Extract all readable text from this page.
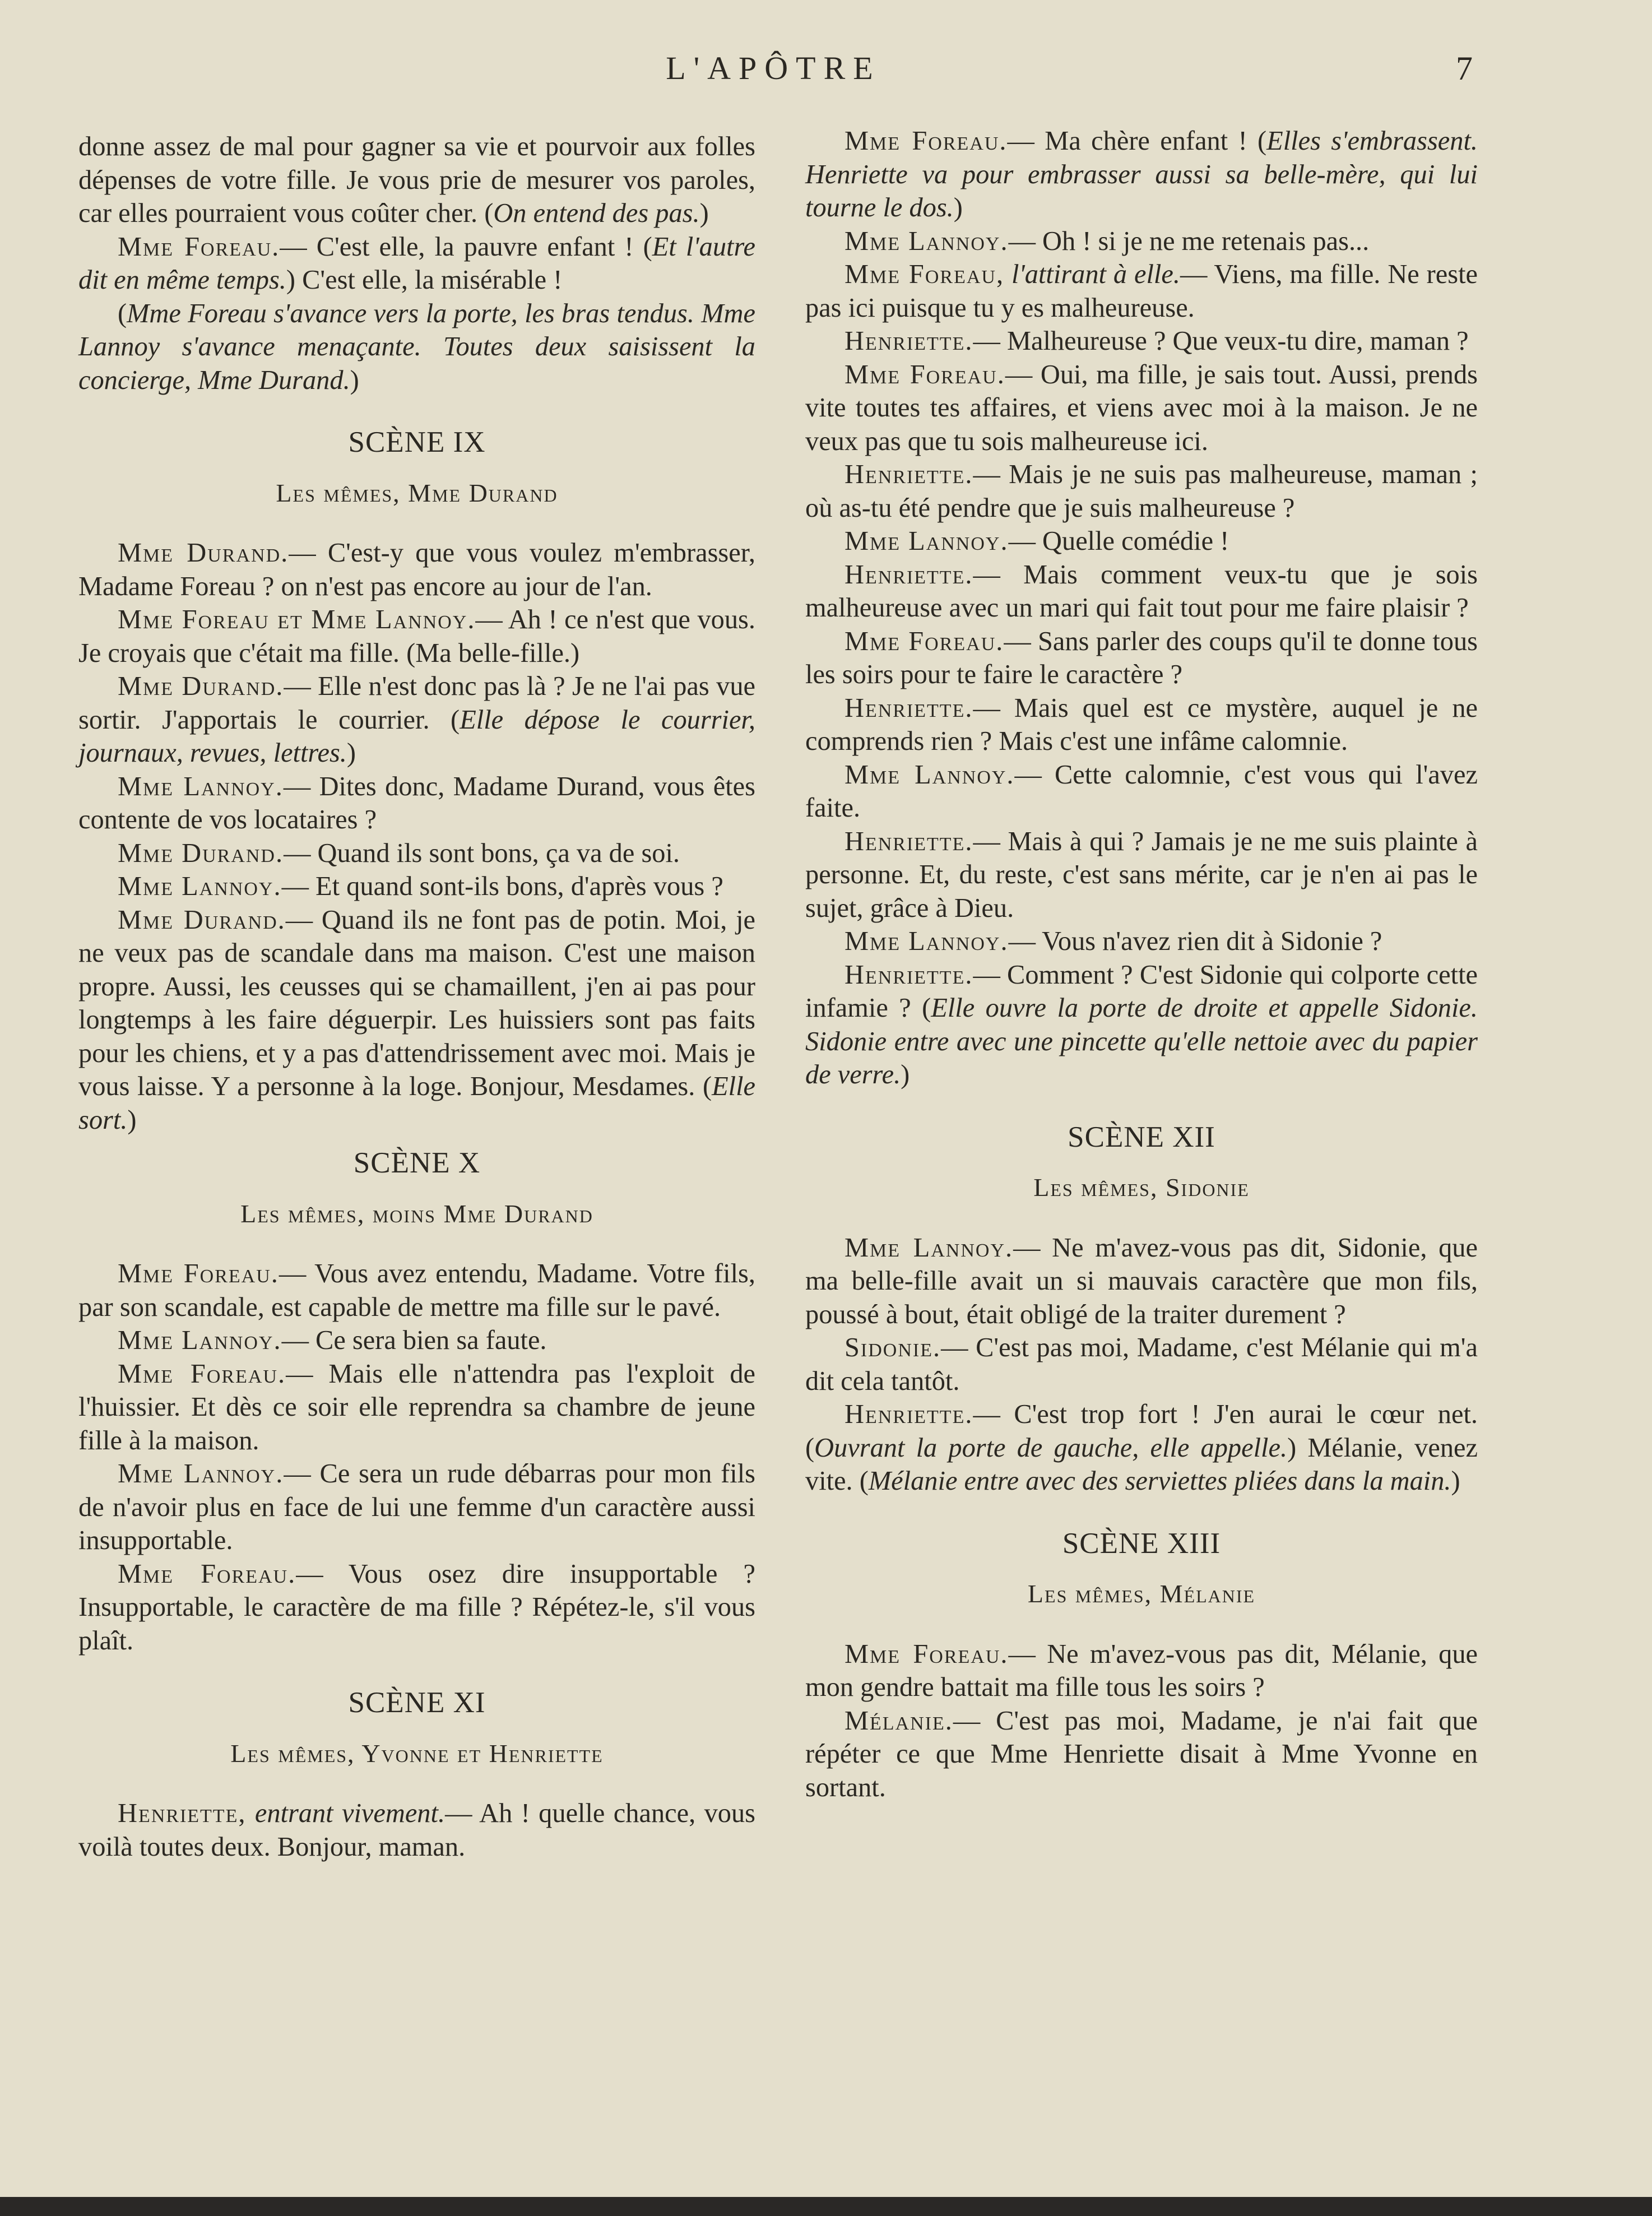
L'APÔTRE	7

donne assez de mal pour gagner sa vie et pourvoir aux folles dépenses de votre fille. Je vous prie de mesurer vos paroles, car elles pourraient vous coûter cher. (On entend des pas.)

Mme Foreau.— C'est elle, la pauvre enfant ! (Et l'autre dit en même temps.) C'est elle, la misérable !

(Mme Foreau s'avance vers la porte, les bras tendus. Mme Lannoy s'avance menaçante. Toutes deux saisissent la concierge, Mme Durand.)

SCÈNE IX
Les mêmes, Mme Durand

Mme Durand.— C'est-y que vous voulez m'embrasser, Madame Foreau ? on n'est pas encore au jour de l'an.

Mme Foreau et Mme Lannoy.— Ah ! ce n'est que vous. Je croyais que c'était ma fille. (Ma belle-fille.)

Mme Durand.— Elle n'est donc pas là ? Je ne l'ai pas vue sortir. J'apportais le courrier. (Elle dépose le courrier, journaux, revues, lettres.)

Mme Lannoy.— Dites donc, Madame Durand, vous êtes contente de vos locataires ?

Mme Durand.— Quand ils sont bons, ça va de soi.

Mme Lannoy.— Et quand sont-ils bons, d'après vous ?

Mme Durand.— Quand ils ne font pas de potin. Moi, je ne veux pas de scandale dans ma maison. C'est une maison propre. Aussi, les ceusses qui se chamaillent, j'en ai pas pour longtemps à les faire déguerpir. Les huissiers sont pas faits pour les chiens, et y a pas d'attendrissement avec moi. Mais je vous laisse. Y a personne à la loge. Bonjour, Mesdames. (Elle sort.)

SCÈNE X
Les mêmes, moins Mme Durand

Mme Foreau.— Vous avez entendu, Madame. Votre fils, par son scandale, est capable de mettre ma fille sur le pavé.

Mme Lannoy.— Ce sera bien sa faute.

Mme Foreau.— Mais elle n'attendra pas l'exploit de l'huissier. Et dès ce soir elle reprendra sa chambre de jeune fille à la maison.

Mme Lannoy.— Ce sera un rude débarras pour mon fils de n'avoir plus en face de lui une femme d'un caractère aussi insupportable.

Mme Foreau.— Vous osez dire insupportable ? Insupportable, le caractère de ma fille ? Répétez-le, s'il vous plaît.

SCÈNE XI
Les mêmes, Yvonne et Henriette

Henriette, entrant vivement.— Ah ! quelle chance, vous voilà toutes deux. Bonjour, maman.

Mme Foreau.— Ma chère enfant ! (Elles s'embrassent. Henriette va pour embrasser aussi sa belle-mère, qui lui tourne le dos.)

Mme Lannoy.— Oh ! si je ne me retenais pas...

Mme Foreau, l'attirant à elle.— Viens, ma fille. Ne reste pas ici puisque tu y es malheureuse.

Henriette.— Malheureuse ? Que veux-tu dire, maman ?

Mme Foreau.— Oui, ma fille, je sais tout. Aussi, prends vite toutes tes affaires, et viens avec moi à la maison. Je ne veux pas que tu sois malheureuse ici.

Henriette.— Mais je ne suis pas malheureuse, maman ; où as-tu été pendre que je suis malheureuse ?

Mme Lannoy.— Quelle comédie !

Henriette.— Mais comment veux-tu que je sois malheureuse avec un mari qui fait tout pour me faire plaisir ?

Mme Foreau.— Sans parler des coups qu'il te donne tous les soirs pour te faire le caractère ?

Henriette.— Mais quel est ce mystère, auquel je ne comprends rien ? Mais c'est une infâme calomnie.

Mme Lannoy.— Cette calomnie, c'est vous qui l'avez faite.

Henriette.— Mais à qui ? Jamais je ne me suis plainte à personne. Et, du reste, c'est sans mérite, car je n'en ai pas le sujet, grâce à Dieu.

Mme Lannoy.— Vous n'avez rien dit à Sidonie ?

Henriette.— Comment ? C'est Sidonie qui colporte cette infamie ? (Elle ouvre la porte de droite et appelle Sidonie. Sidonie entre avec une pincette qu'elle nettoie avec du papier de verre.)

SCÈNE XII
Les mêmes, Sidonie

Mme Lannoy.— Ne m'avez-vous pas dit, Sidonie, que ma belle-fille avait un si mauvais caractère que mon fils, poussé à bout, était obligé de la traiter durement ?

Sidonie.— C'est pas moi, Madame, c'est Mélanie qui m'a dit cela tantôt.

Henriette.— C'est trop fort ! J'en aurai le cœur net. (Ouvrant la porte de gauche, elle appelle.) Mélanie, venez vite. (Mélanie entre avec des serviettes pliées dans la main.)

SCÈNE XIII
Les mêmes, Mélanie

Mme Foreau.— Ne m'avez-vous pas dit, Mélanie, que mon gendre battait ma fille tous les soirs ?

Mélanie.— C'est pas moi, Madame, je n'ai fait que répéter ce que Mme Henriette disait à Mme Yvonne en sortant.
